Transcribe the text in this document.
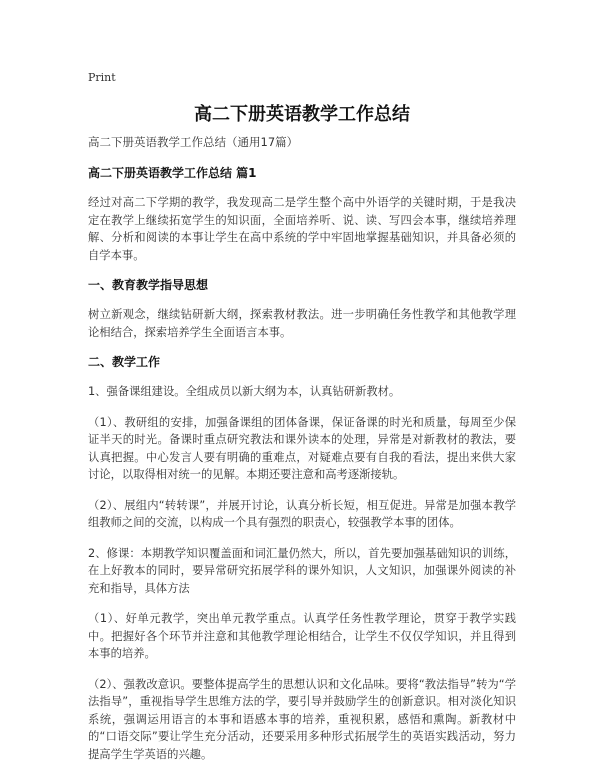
Print
高二下册英语教学工作总结

高二下册英语教学工作总结（通用17篇）

高二下册英语教学工作总结 篇1

经过对高二下学期的教学，我发现高二是学生整个高中外语学的关键时期，于是我决定在教学上继续拓宽学生的知识面，全面培养听、说、读、写四会本事，继续培养理解、分析和阅读的本事让学生在高中系统的学中牢固地掌握基础知识，并具备必须的自学本事。

一、教育教学指导思想

树立新观念，继续钻研新大纲，探索教材教法。进一步明确任务性教学和其他教学理论相结合，探索培养学生全面语言本事。

二、教学工作

1、强备课组建设。全组成员以新大纲为本，认真钻研新教材。

（1）、教研组的安排，加强备课组的团体备课，保证备课的时光和质量，每周至少保证半天的时光。备课时重点研究教法和课外读本的处理，异常是对新教材的教法，要认真把握。中心发言人要有明确的重难点，对疑难点要有自我的看法，提出来供大家讨论，以取得相对统一的见解。本期还要注意和高考逐渐接轨。

（2）、展组内“转转课”，并展开讨论，认真分析长短，相互促进。异常是加强本教学组教师之间的交流，以构成一个具有强烈的职责心，较强教学本事的团体。

2、修课：本期教学知识覆盖面和词汇量仍然大，所以，首先要加强基础知识的训练，在上好教本的同时，要异常研究拓展学科的课外知识，人文知识，加强课外阅读的补充和指导，具体方法

（1）、好单元教学，突出单元教学重点。认真学任务性教学理论，贯穿于教学实践中。把握好各个环节并注意和其他教学理论相结合，让学生不仅仅学知识，并且得到本事的培养。

（2）、强教改意识。要整体提高学生的思想认识和文化品味。要将“教法指导”转为“学法指导”，重视指导学生思维方法的学，要引导并鼓励学生的创新意识。相对淡化知识系统，强调运用语言的本事和语感本事的培养，重视积累，感悟和熏陶。新教材中的“口语交际”要让学生充分活动，还要采用多种形式拓展学生的英语实践活动，努力提高学生学英语的兴趣。
